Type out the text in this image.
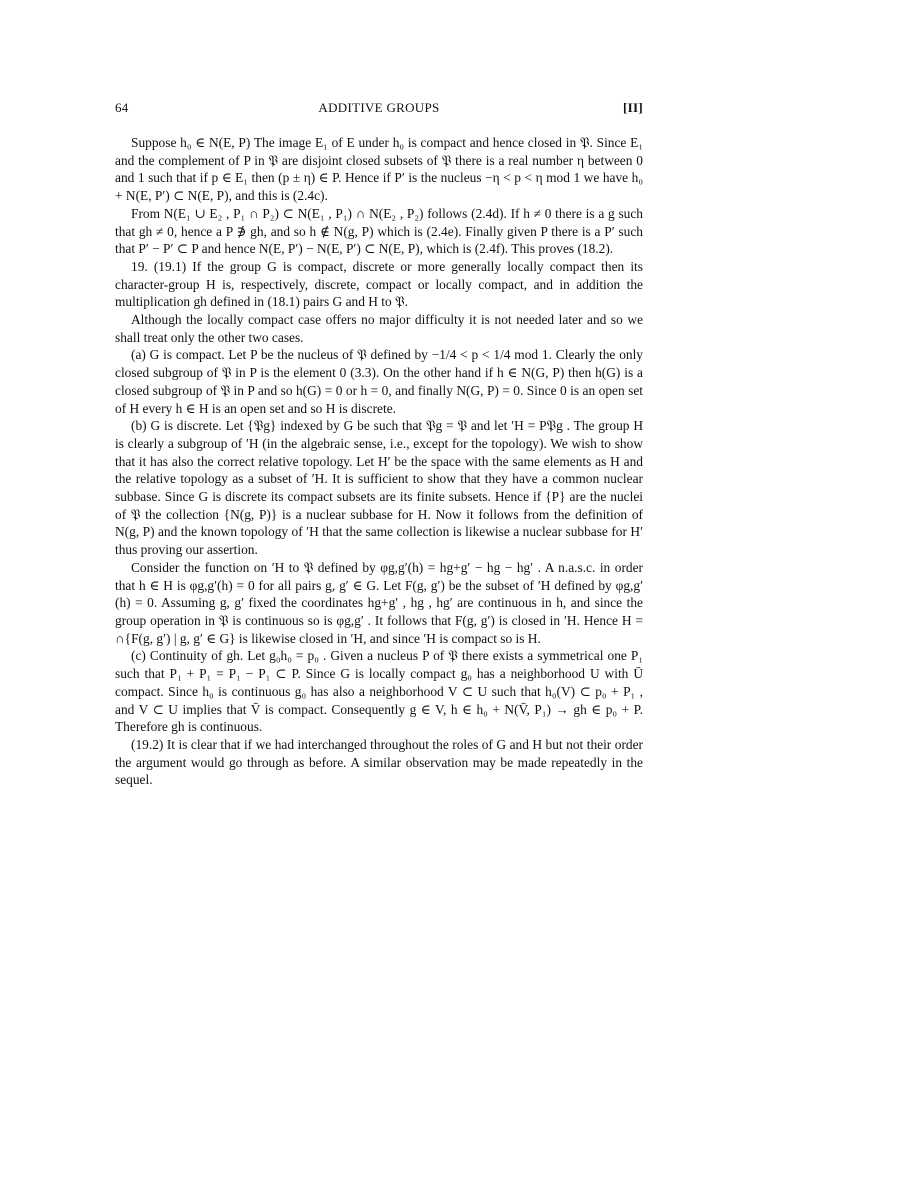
64	ADDITIVE GROUPS	[II]

Suppose h₀ ∈ N(E, P) The image E₁ of E under h₀ is compact and hence closed in 𝔓. Since E₁ and the complement of P in 𝔓 are disjoint closed subsets of 𝔓 there is a real number η between 0 and 1 such that if p ∈ E₁ then (p ± η) ∈ P. Hence if P′ is the nucleus −η < p < η mod 1 we have h₀ + N(E, P′) ⊂ N(E, P), and this is (2.4c).

From N(E₁ ∪ E₂ , P₁ ∩ P₂) ⊂ N(E₁ , P₁) ∩ N(E₂ , P₂) follows (2.4d). If h ≠ 0 there is a g such that gh ≠ 0, hence a P ∌ gh, and so h ∉ N(g, P) which is (2.4e). Finally given P there is a P′ such that P′ − P′ ⊂ P and hence N(E, P′) − N(E, P′) ⊂ N(E, P), which is (2.4f). This proves (18.2).

19. (19.1) If the group G is compact, discrete or more generally locally compact then its character-group H is, respectively, discrete, compact or locally compact, and in addition the multiplication gh defined in (18.1) pairs G and H to 𝔓.

Although the locally compact case offers no major difficulty it is not needed later and so we shall treat only the other two cases.

(a) G is compact. Let P be the nucleus of 𝔓 defined by −1/4 < p < 1/4 mod 1. Clearly the only closed subgroup of 𝔓 in P is the element 0 (3.3). On the other hand if h ∈ N(G, P) then h(G) is a closed subgroup of 𝔓 in P and so h(G) = 0 or h = 0, and finally N(G, P) = 0. Since 0 is an open set of H every h ∈ H is an open set and so H is discrete.

(b) G is discrete. Let {𝔓g} indexed by G be such that 𝔓g = 𝔓 and let ′H = P𝔓g . The group H is clearly a subgroup of ′H (in the algebraic sense, i.e., except for the topology). We wish to show that it has also the correct relative topology. Let H′ be the space with the same elements as H and the relative topology as a subset of ′H. It is sufficient to show that they have a common nuclear subbase. Since G is discrete its compact subsets are its finite subsets. Hence if {P} are the nuclei of 𝔓 the collection {N(g, P)} is a nuclear subbase for H. Now it follows from the definition of N(g, P) and the known topology of ′H that the same collection is likewise a nuclear subbase for H′ thus proving our assertion.

Consider the function on ′H to 𝔓 defined by φg,g′(h) = hg+g′ − hg − hg′ . A n.a.s.c. in order that h ∈ H is φg,g′(h) = 0 for all pairs g, g′ ∈ G. Let F(g, g′) be the subset of ′H defined by φg,g′(h) = 0. Assuming g, g′ fixed the coordinates hg+g′ , hg , hg′ are continuous in h, and since the group operation in 𝔓 is continuous so is φg,g′ . It follows that F(g, g′) is closed in ′H. Hence H = ∩{F(g, g′) | g, g′ ∈ G} is likewise closed in ′H, and since ′H is compact so is H.

(c) Continuity of gh. Let g₀h₀ = p₀ . Given a nucleus P of 𝔓 there exists a symmetrical one P₁ such that P₁ + P₁ = P₁ − P₁ ⊂ P. Since G is locally compact g₀ has a neighborhood U with Ū compact. Since h₀ is continuous g₀ has also a neighborhood V ⊂ U such that h₀(V) ⊂ p₀ + P₁ , and V ⊂ U implies that V̄ is compact. Consequently g ∈ V, h ∈ h₀ + N(V̄, P₁) → gh ∈ p₀ + P. Therefore gh is continuous.

(19.2) It is clear that if we had interchanged throughout the roles of G and H but not their order the argument would go through as before. A similar observation may be made repeatedly in the sequel.
